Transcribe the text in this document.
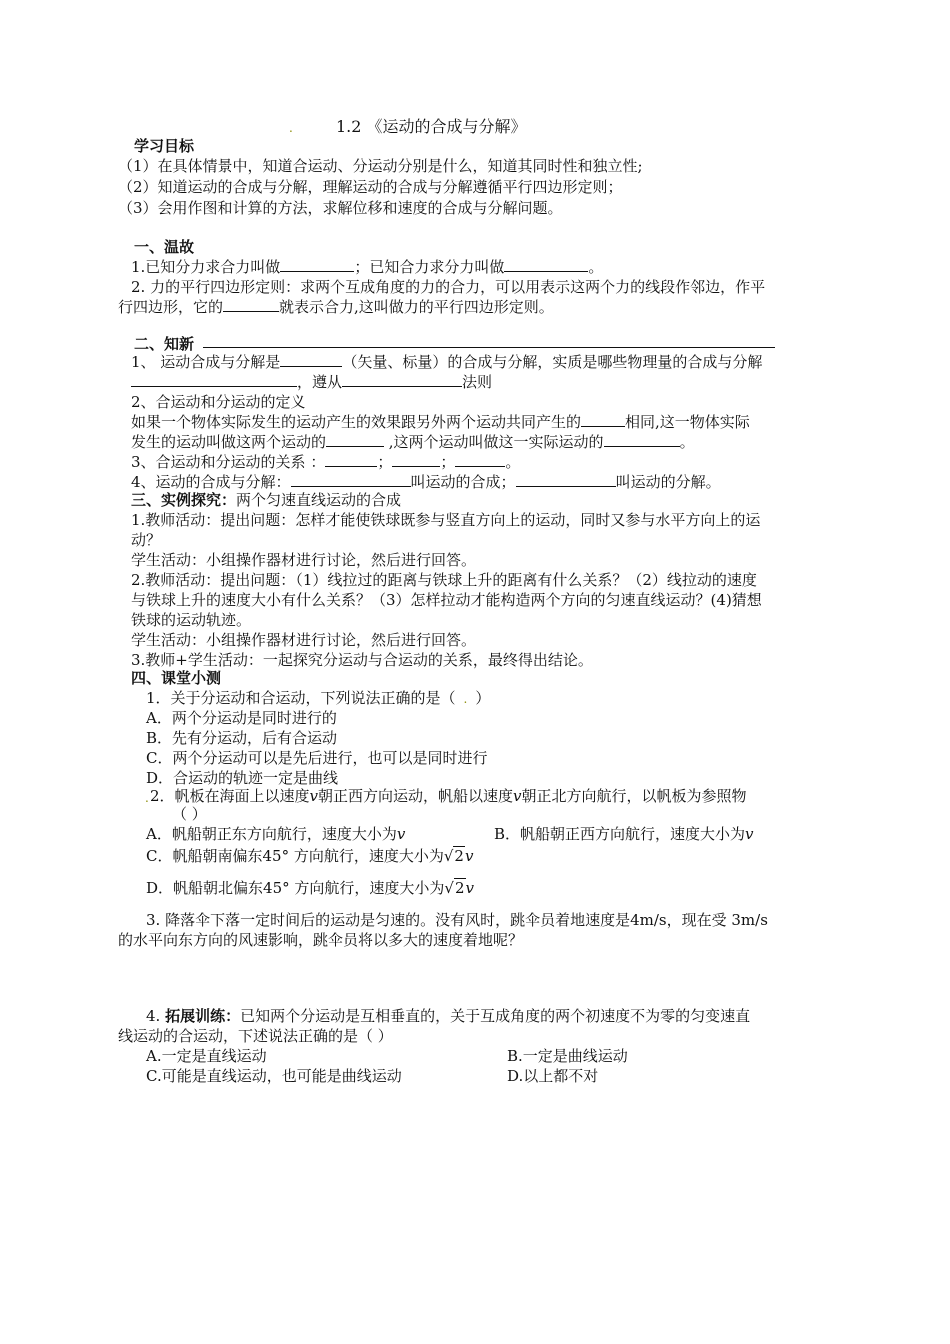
.	1.2 《运动的合成与分解》
学习目标
（1）在具体情景中，知道合运动、分运动分别是什么，知道其同时性和独立性;
（2）知道运动的合成与分解，理解运动的合成与分解遵循平行四边形定则；
（3）会用作图和计算的方法，求解位移和速度的合成与分解问题。
一、温故
1.已知分力求合力叫做	；已知合力求分力叫做	。
2. 力的平行四边形定则：求两个互成角度的力的合力，可以用表示这两个力的线段作邻边，作平
行四边形，它的	就表示合力,这叫做力的平行四边形定则。
二、知新
1、 运动合成与分解是	（矢量、标量）的合成与分解，实质是哪些物理量的合成与分解
，遵从	法则
2、合运动和分运动的定义
如果一个物体实际发生的运动产生的效果跟另外两个运动共同产生的	相同,这一物体实际
发生的运动叫做这两个运动的	,这两个运动叫做这一实际运动的	。
3、合运动和分运动的关系 ：	；	；	。
4、运动的合成与分解：	叫运动的合成；	叫运动的分解。
三、实例探究：两个匀速直线运动的合成
1.教师活动：提出问题：怎样才能使铁球既参与竖直方向上的运动，同时又参与水平方向上的运
动？
学生活动：小组操作器材进行讨论，然后进行回答。
2.教师活动：提出问题：（1）线拉过的距离与铁球上升的距离有什么关系？（2）线拉动的速度
与铁球上升的速度大小有什么关系？（3）怎样拉动才能构造两个方向的匀速直线运动？(4)猜想
铁球的运动轨迹。
学生活动：小组操作器材进行讨论，然后进行回答。
3.教师+学生活动：一起探究分运动与合运动的关系，最终得出结论。
四、课堂小测
1．关于分运动和合运动，下列说法正确的是（ . ）
A．两个分运动是同时进行的
B．先有分运动，后有合运动
C．两个分运动可以是先后进行，也可以是同时进行
D．合运动的轨迹一定是曲线
. 2．帆板在海面上以速度v朝正西方向运动，帆船以速度v朝正北方向航行，以帆板为参照物
（ ）
A．帆船朝正东方向航行，速度大小为v	B．帆船朝正西方向航行，速度大小为v
C．帆船朝南偏东45° 方向航行，速度大小为√2v
D．帆船朝北偏东45° 方向航行，速度大小为√2v
3. 降落伞下落一定时间后的运动是匀速的。没有风时，跳伞员着地速度是4m/s，现在受 3m/s
的水平向东方向的风速影响，跳伞员将以多大的速度着地呢？
4. 拓展训练：已知两个分运动是互相垂直的，关于互成角度的两个初速度不为零的匀变速直
线运动的合运动，下述说法正确的是（ ）
A.一定是直线运动	B.一定是曲线运动
C.可能是直线运动，也可能是曲线运动	D.以上都不对
